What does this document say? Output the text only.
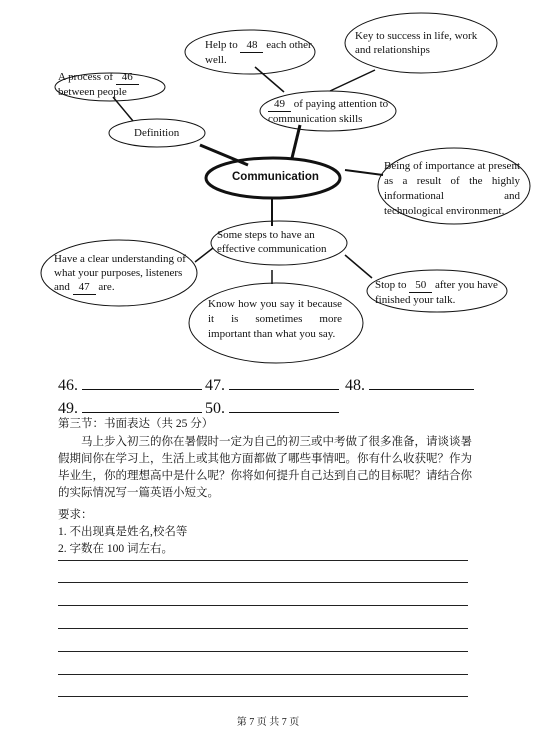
A process of 46 between people
Definition
Help to 48 each other well.
Key to success in life, work and relationships
49 of paying attention to communication skills
Communication
Being of importance at present as a result of the highly informational and technological environment.
Some steps to have an effective communication
Have a clear understanding of what your purposes, listeners and 47 are.
Know how you say it because it is sometimes more important than what you say.
Stop to 50 after you have finished your talk.
46.	47.	48.
49.	50.
第三节：书面表达（共 25 分）
马上步入初三的你在暑假时一定为自己的初三或中考做了很多准备，请谈谈暑假期间你在学习上，生活上或其他方面都做了哪些事情吧。你有什么收获呢？作为毕业生，你的理想高中是什么呢？你将如何提升自己达到自己的目标呢？请结合你的实际情况写一篇英语小短文。
要求：
1. 不出现真是姓名,校名等
2. 字数在 100 词左右。
第 7 页 共 7 页
